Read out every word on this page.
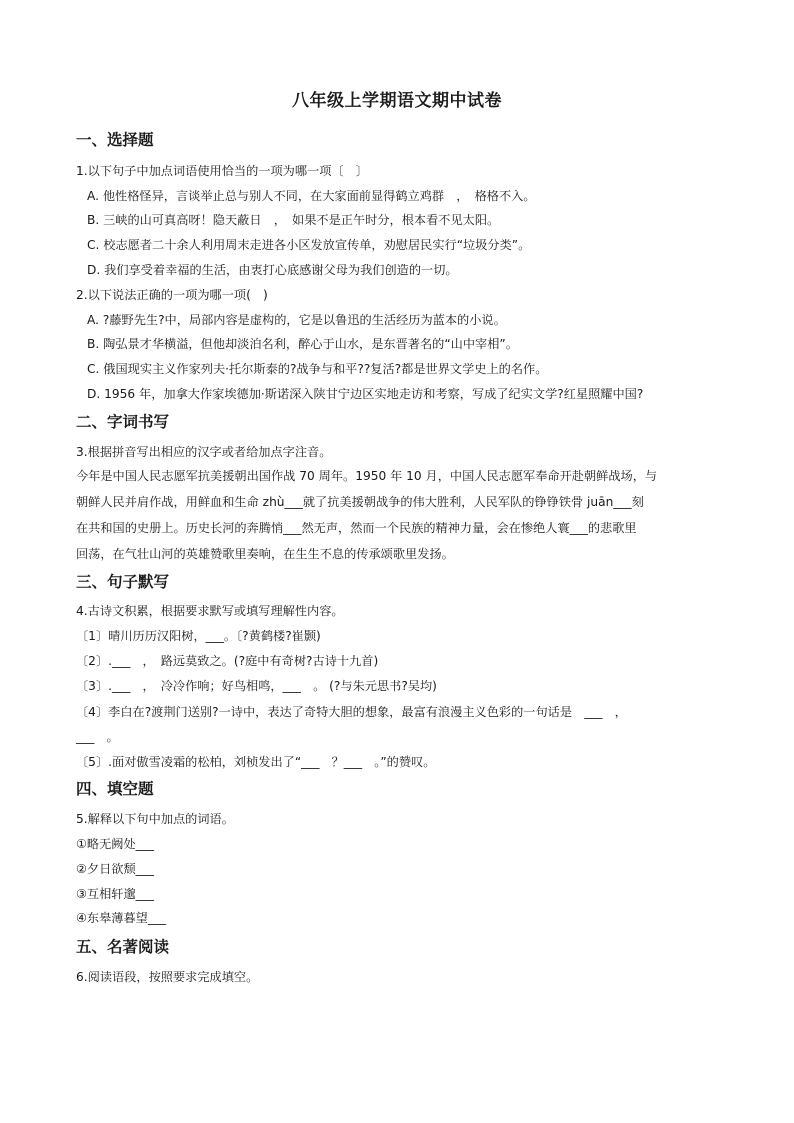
八年级上学期语文期中试卷
一、选择题
1.以下句子中加点词语使用恰当的一项为哪一项〔　〕
A. 他性格怪异，言谈举止总与别人不同，在大家面前显得鹤立鸡群　，　格格不入。
B. 三峡的山可真高呀！隐天蔽日　，　如果不是正午时分，根本看不见太阳。
C. 校志愿者二十余人利用周末走进各小区发放宣传单，劝慰居民实行“垃圾分类”。
D. 我们享受着幸福的生活，由衷打心底感谢父母为我们创造的一切。
2.以下说法正确的一项为哪一项(　)
A. ?藤野先生?中，局部内容是虚构的，它是以鲁迅的生活经历为蓝本的小说。
B. 陶弘景才华横溢，但他却淡泊名利，醉心于山水，是东晋著名的“山中宰相”。
C. 俄国现实主义作家列夫·托尔斯泰的?战争与和平??复活?都是世界文学史上的名作。
D. 1956 年，加拿大作家埃德加·斯诺深入陕甘宁边区实地走访和考察，写成了纪实文学?红星照耀中国?
二、字词书写
3.根据拼音写出相应的汉字或者给加点字注音。
今年是中国人民志愿军抗美援朝出国作战 70 周年。1950 年 10 月，中国人民志愿军奉命开赴朝鲜战场，与
朝鲜人民并肩作战，用鲜血和生命 zhù___就了抗美援朝战争的伟大胜利，人民军队的铮铮铁骨 juān___刻
在共和国的史册上。历史长河的奔腾悄___然无声，然而一个民族的精神力量，会在惨绝人寰___的悲歌里
回荡，在气壮山河的英雄赞歌里奏响，在生生不息的传承颂歌里发扬。
三、句子默写
4.古诗文积累，根据要求默写或填写理解性内容。
〔1〕晴川历历汉阳树，___。〔?黄鹤楼?崔颢)
〔2〕.___　，　路远莫致之。(?庭中有奇树?古诗十九首)
〔3〕.___　，　冷冷作响；好鸟相鸣，___　。 (?与朱元思书?吴均)
〔4〕李白在?渡荆门送别?一诗中，表达了奇特大胆的想象，最富有浪漫主义色彩的一句话是　___　，
___　。
〔5〕.面对傲雪凌霜的松柏，刘桢发出了“___　？___　。”的赞叹。
四、填空题
5.解释以下句中加点的词语。
①略无阙处___
②夕日欲颓___
③互相轩邈___
④东皋薄暮望___
五、名著阅读
6.阅读语段，按照要求完成填空。
